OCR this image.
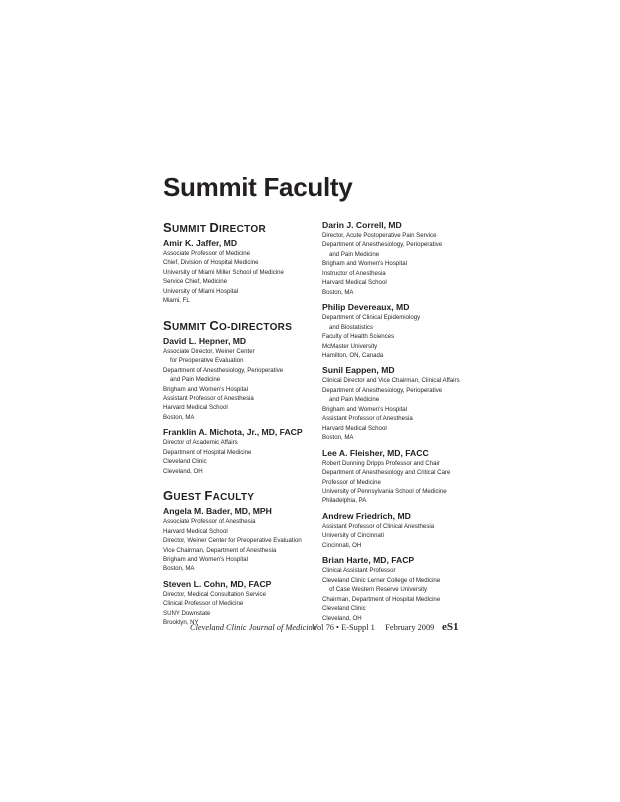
Summit Faculty
SUMMIT DIRECTOR
Amir K. Jaffer, MD
Associate Professor of Medicine
Chief, Division of Hospital Medicine
University of Miami Miller School of Medicine
Service Chief, Medicine
University of Miami Hospital
Miami, FL
SUMMIT CO-DIRECTORS
David L. Hepner, MD
Associate Director, Weiner Center
for Preoperative Evaluation
Department of Anesthesiology, Perioperative
and Pain Medicine
Brigham and Women's Hospital
Assistant Professor of Anesthesia
Harvard Medical School
Boston, MA
Franklin A. Michota, Jr., MD, FACP
Director of Academic Affairs
Department of Hospital Medicine
Cleveland Clinic
Cleveland, OH
GUEST FACULTY
Angela M. Bader, MD, MPH
Associate Professor of Anesthesia
Harvard Medical School
Director, Weiner Center for Preoperative Evaluation
Vice Chairman, Department of Anesthesia
Brigham and Women's Hospital
Boston, MA
Steven L. Cohn, MD, FACP
Director, Medical Consultation Service
Clinical Professor of Medicine
SUNY Downstate
Brooklyn, NY
Darin J. Correll, MD
Director, Acute Postoperative Pain Service
Department of Anesthesiology, Perioperative
and Pain Medicine
Brigham and Women's Hospital
Instructor of Anesthesia
Harvard Medical School
Boston, MA
Philip Devereaux, MD
Department of Clinical Epidemiology
and Biostatistics
Faculty of Health Sciences
McMaster University
Hamilton, ON, Canada
Sunil Eappen, MD
Clinical Director and Vice Chairman, Clinical Affairs
Department of Anesthesiology, Perioperative
and Pain Medicine
Brigham and Women's Hospital
Assistant Professor of Anesthesia
Harvard Medical School
Boston, MA
Lee A. Fleisher, MD, FACC
Robert Dunning Dripps Professor and Chair
Department of Anesthesiology and Critical Care
Professor of Medicine
University of Pennsylvania School of Medicine
Philadelphia, PA
Andrew Friedrich, MD
Assistant Professor of Clinical Anesthesia
University of Cincinnati
Cincinnati, OH
Brian Harte, MD, FACP
Clinical Assistant Professor
Cleveland Clinic Lerner College of Medicine
of Case Western Reserve University
Chairman, Department of Hospital Medicine
Cleveland Clinic
Cleveland, OH
Cleveland Clinic Journal of Medicine
Vol 76 • E-Suppl 1     February 2009 eS1
